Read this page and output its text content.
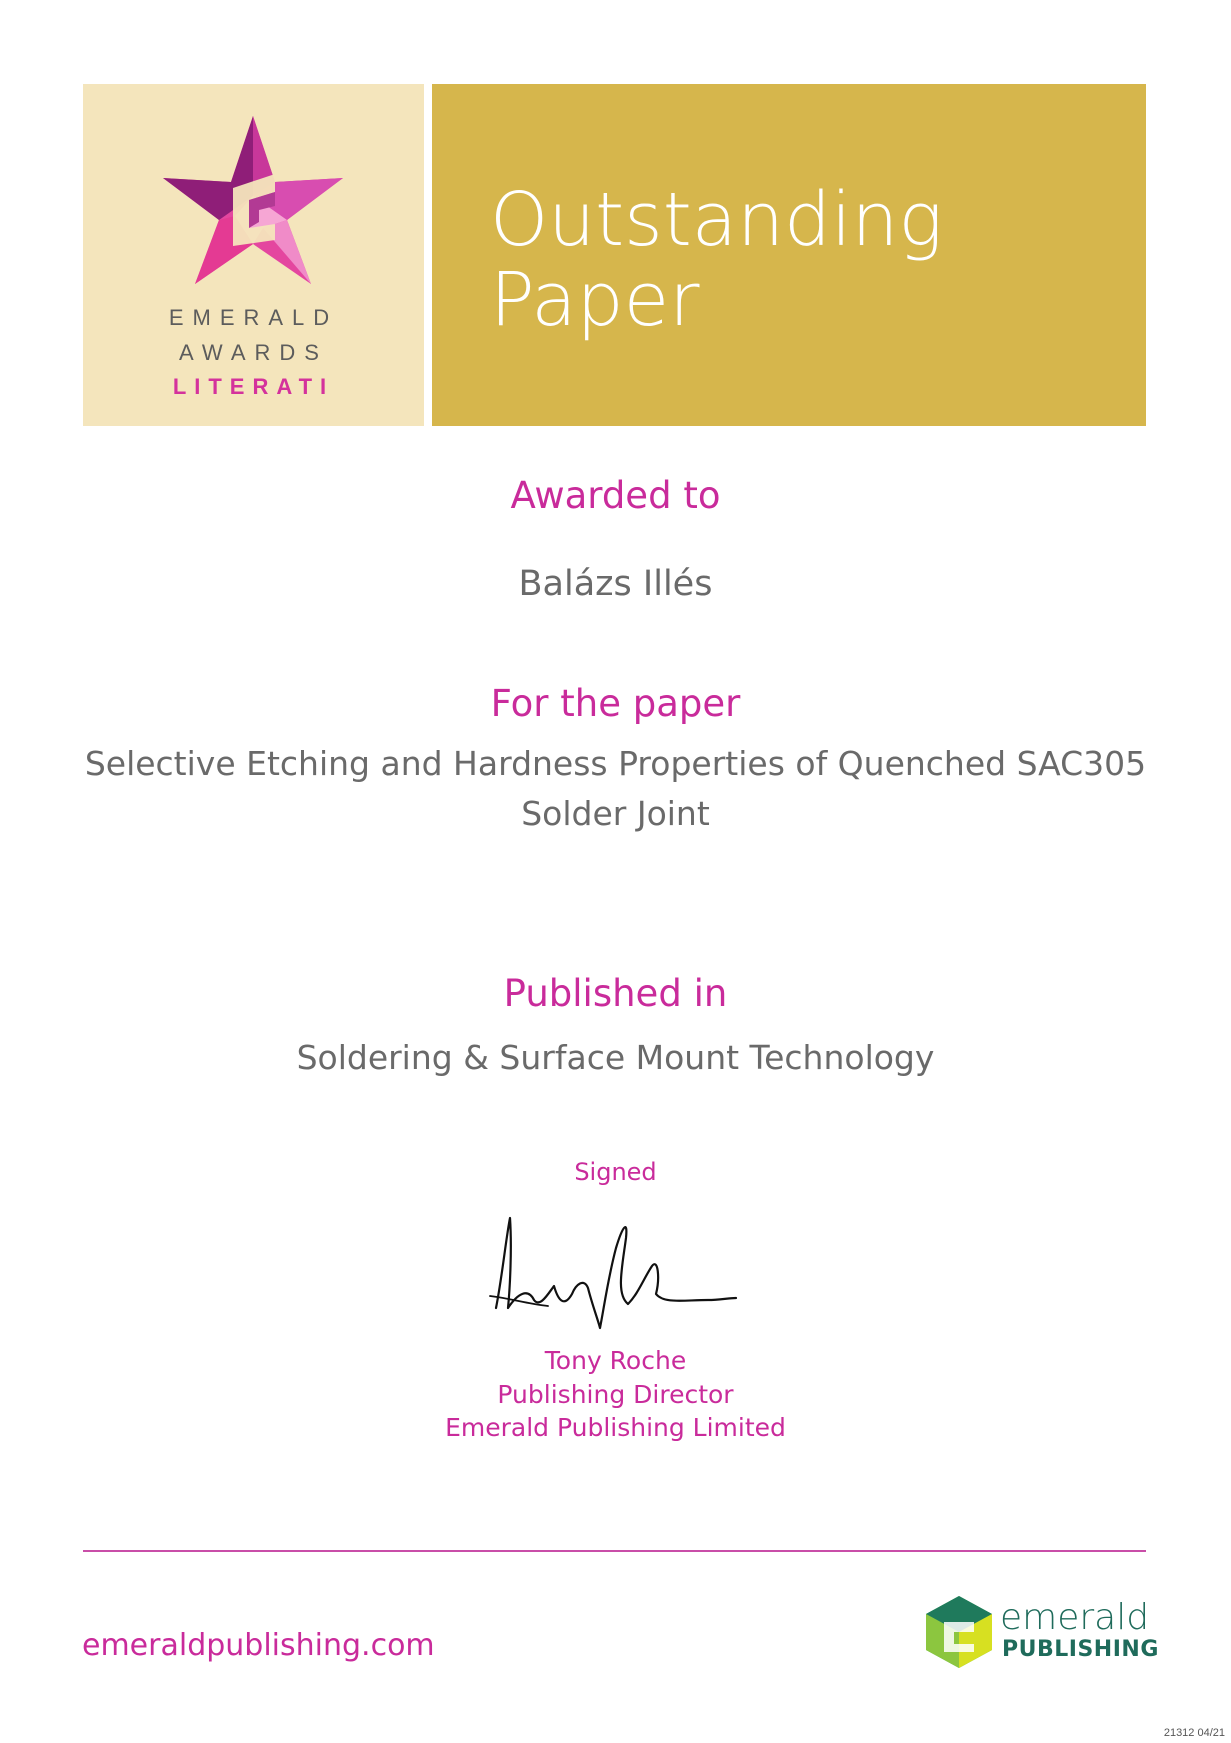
EMERALD
AWARDS
LITERATI
Outstanding
Paper
Awarded to
Balázs Illés
For the paper
Selective Etching and Hardness Properties of Quenched SAC305
Solder Joint
Published in
Soldering & Surface Mount Technology
Signed
Tony Roche
Publishing Director
Emerald Publishing Limited
emeraldpublishing.com
emerald
PUBLISHING
21312 04/21
